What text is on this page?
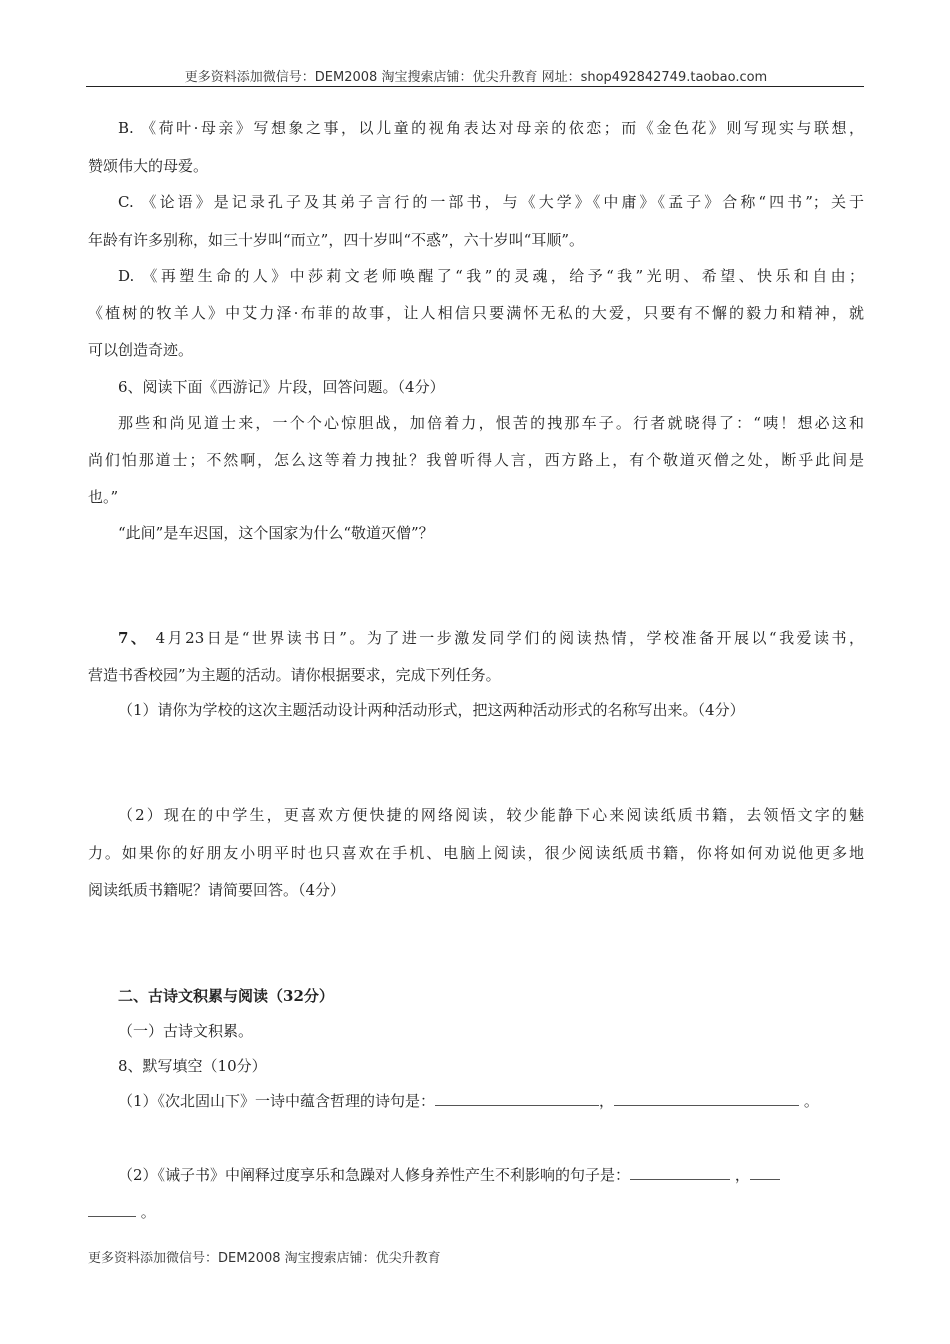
更多资料添加微信号：DEM2008 淘宝搜索店铺：优尖升教育 网址：shop492842749.taobao.com
B. 《荷叶·母亲》写想象之事，以儿童的视角表达对母亲的依恋；而《金色花》则写现实与联想，
赞颂伟大的母爱。
C. 《论语》是记录孔子及其弟子言行的一部书，与《大学》《中庸》《孟子》合称“四书”；关于
年龄有许多别称，如三十岁叫“而立”，四十岁叫“不惑”，六十岁叫“耳顺”。
D. 《再塑生命的人》中莎莉文老师唤醒了“我”的灵魂，给予“我”光明、希望、快乐和自由；
《植树的牧羊人》中艾力泽·布菲的故事，让人相信只要满怀无私的大爱，只要有不懈的毅力和精神，就
可以创造奇迹。
6、阅读下面《西游记》片段，回答问题。（4分）
那些和尚见道士来，一个个心惊胆战，加倍着力，恨苦的拽那车子。行者就晓得了：“咦！想必这和
尚们怕那道士；不然啊，怎么这等着力拽扯？我曾听得人言，西方路上，有个敬道灭僧之处，断乎此间是
也。”
“此间”是车迟国，这个国家为什么“敬道灭僧”？
7、 4月23日是“世界读书日”。为了进一步激发同学们的阅读热情，学校准备开展以“我爱读书，
营造书香校园”为主题的活动。请你根据要求，完成下列任务。
（1）请你为学校的这次主题活动设计两种活动形式，把这两种活动形式的名称写出来。（4分）
（2）现在的中学生，更喜欢方便快捷的网络阅读，较少能静下心来阅读纸质书籍，去领悟文字的魅
力。如果你的好朋友小明平时也只喜欢在手机、电脑上阅读，很少阅读纸质书籍，你将如何劝说他更多地
阅读纸质书籍呢？请简要回答。（4分）
二、古诗文积累与阅读（32分）
（一）古诗文积累。
8、默写填空（10分）
（1）《次北固山下》一诗中蕴含哲理的诗句是：	，	。
（2）《诫子书》中阐释过度享乐和急躁对人修身养性产生不利影响的句子是：	，
。
更多资料添加微信号：DEM2008 淘宝搜索店铺：优尖升教育
